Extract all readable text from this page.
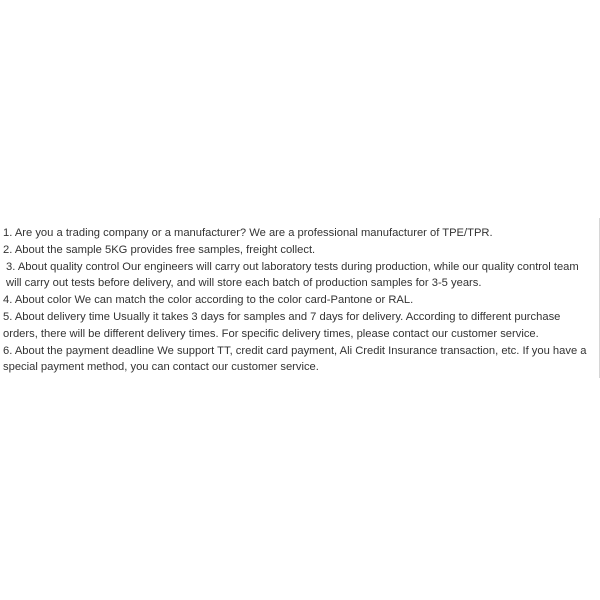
1. Are you a trading company or a manufacturer? We are a professional manufacturer of TPE/TPR.

2. About the sample 5KG provides free samples, freight collect.

3. About quality control Our engineers will carry out laboratory tests during production, while our quality control team will carry out tests before delivery, and will store each batch of production samples for 3-5 years.

4. About color We can match the color according to the color card-Pantone or RAL.

5. About delivery time Usually it takes 3 days for samples and 7 days for delivery. According to different purchase orders, there will be different delivery times. For specific delivery times, please contact our customer service.

6. About the payment deadline We support TT, credit card payment, Ali Credit Insurance transaction, etc. If you have a special payment method, you can contact our customer service.
